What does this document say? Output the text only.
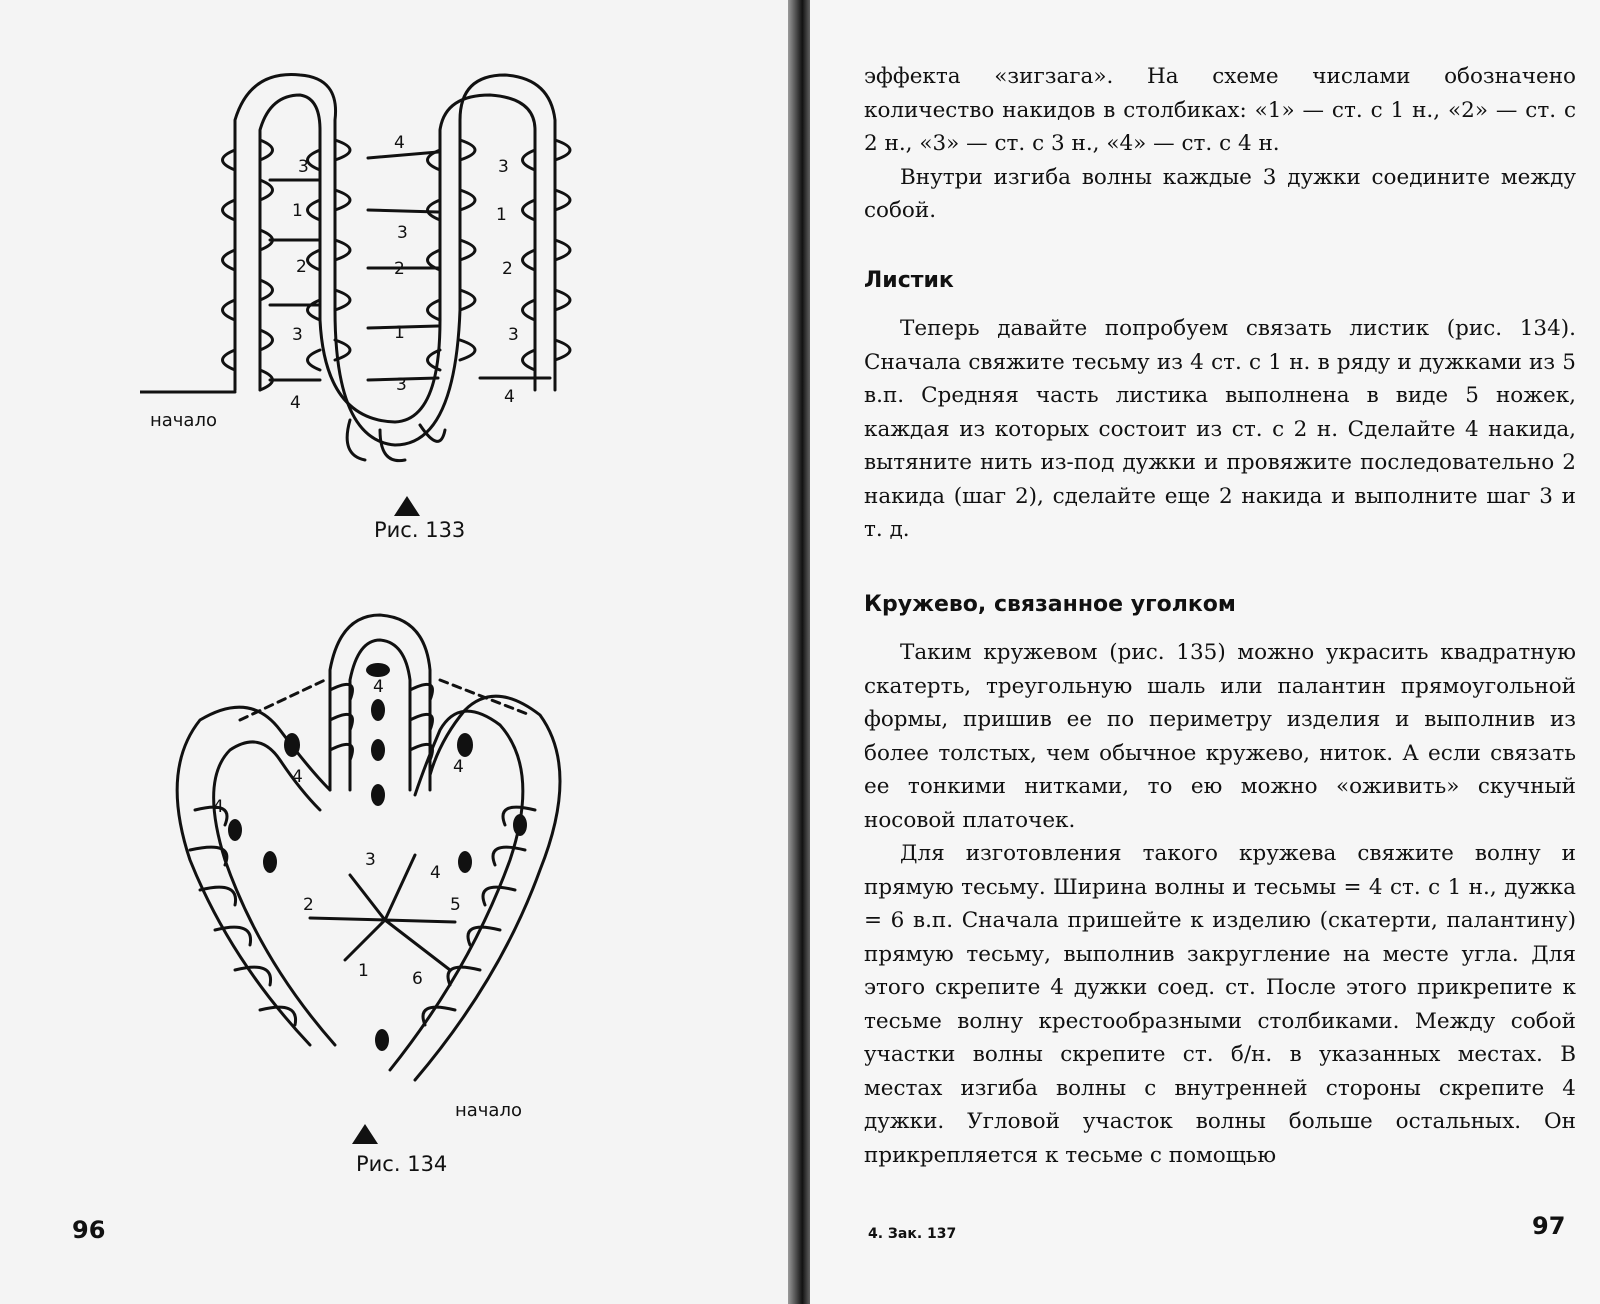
4
3	3
1	1
3
2	2	2
3	1	3
3
4	4
начало
Рис. 133
4
4
4	4
3
4
2	5
1	6
начало
Рис. 134
96

эффекта «зигзага». На схеме числами обозначено количество накидов в столбиках: «1» — ст. с 1 н., «2» — ст. с 2 н., «3» — ст. с 3 н., «4» — ст. с 4 н.

Внутри изгиба волны каждые 3 дужки соедините между собой.

Листик

Теперь давайте попробуем связать листик (рис. 134). Сначала свяжите тесьму из 4 ст. с 1 н. в ряду и дужками из 5 в.п. Средняя часть листика выполнена в виде 5 ножек, каждая из которых состоит из ст. с 2 н. Сделайте 4 накида, вытяните нить из-под дужки и провяжите последовательно 2 накида (шаг 2), сделайте еще 2 накида и выполните шаг 3 и т. д.

Кружево, связанное уголком

Таким кружевом (рис. 135) можно украсить квадратную скатерть, треугольную шаль или палантин прямоугольной формы, пришив ее по периметру изделия и выполнив из более толстых, чем обычное кружево, ниток. А если связать ее тонкими нитками, то ею можно «оживить» скучный носовой платочек.

Для изготовления такого кружева свяжите волну и прямую тесьму. Ширина волны и тесьмы = 4 ст. с 1 н., дужка = 6 в.п. Сначала пришейте к изделию (скатерти, палантину) прямую тесьму, выполнив закругление на месте угла. Для этого скрепите 4 дужки соед. ст. После этого прикрепите к тесьме волну крестообразными столбиками. Между собой участки волны скрепите ст. б/н. в указанных местах. В местах изгиба волны с внутренней стороны скрепите 4 дужки. Угловой участок волны больше остальных. Он прикрепляется к тесьме с помощью

4. Зак. 137	97
